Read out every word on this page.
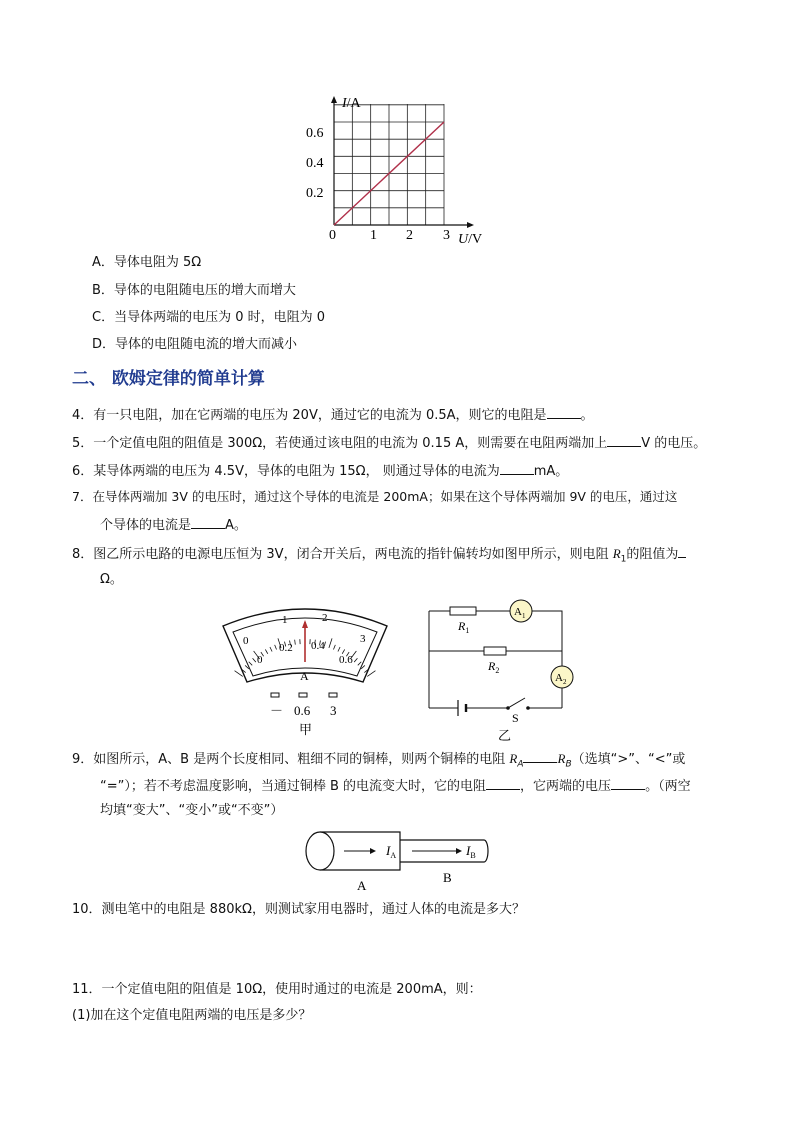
I/A
U/V
0.6
0.4
0.2
0 1 2 3
A．导体电阻为 5Ω
B．导体的电阻随电压的增大而增大
C．当导体两端的电压为 0 时，电阻为 0
D．导体的电阻随电流的增大而减小
二、 欧姆定律的简单计算
4．有一只电阻，加在它两端的电压为 20V，通过它的电流为 0.5A，则它的电阻是	。
5．一个定值电阻的阻值是 300Ω，若使通过该电阻的电流为 0.15 A，则需要在电阻两端加上	V 的电压。
6．某导体两端的电压为 4.5V，导体的电阻为 15Ω， 则通过导体的电流为	mA。
7．在导体两端加 3V 的电压时，通过这个导体的电流是 200mA；如果在这个导体两端加 9V 的电压，通过这
个导体的电流是	A。
8．图乙所示电路的电源电压恒为 3V，闭合开关后，两电流的指针偏转均如图甲所示，则电阻 $R_1$的阻值为
Ω。
0
1	2
3
0
0.2 0.4
0.6
A
－ 0.6 3
甲
$R_1$
$A_1$
$R_2$
$A_2$
S
乙
9．如图所示，A、B 是两个长度相同、粗细不同的铜棒，则两个铜棒的电阻 $R_A$	$R_B$（选填“>”、“<”或
“=”）；若不考虑温度影响，当通过铜棒 B 的电流变大时，它的电阻	，它两端的电压	。（两空
均填“变大”、“变小”或“不变”）
$I_A$	$I_B$
A
B
10．测电笔中的电阻是 880kΩ，则测试家用电器时，通过人体的电流是多大？
11．一个定值电阻的阻值是 10Ω，使用时通过的电流是 200mA，则：
(1)加在这个定值电阻两端的电压是多少？
